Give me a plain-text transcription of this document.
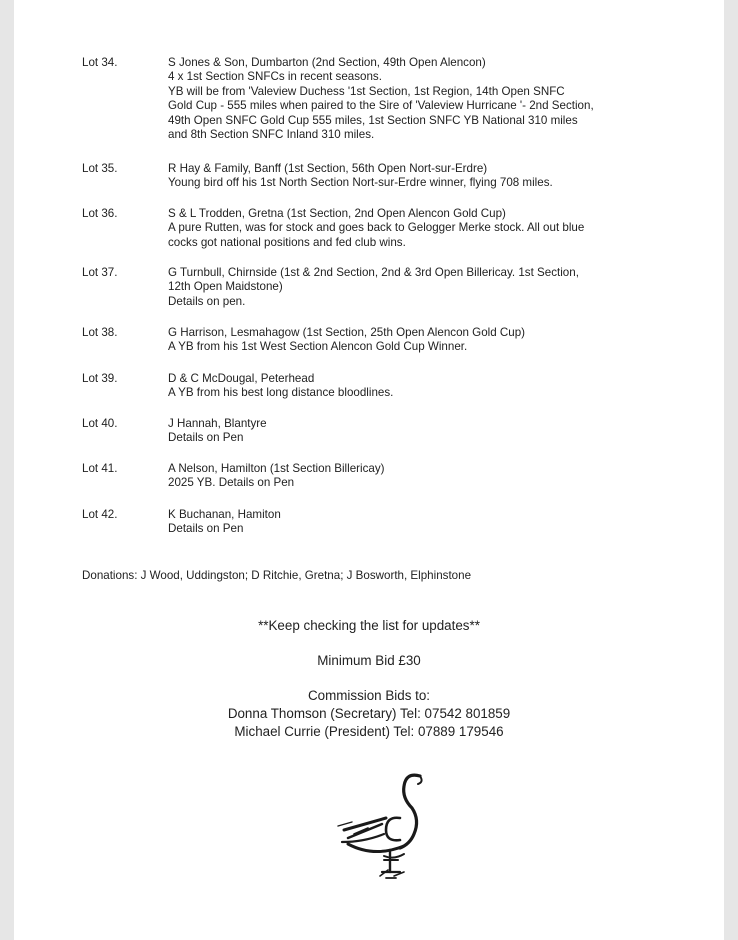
Lot 34.	S Jones & Son, Dumbarton (2nd Section, 49th Open Alencon)
4 x 1st Section SNFCs in recent seasons.
YB will be from 'Valeview Duchess '1st Section, 1st Region, 14th Open SNFC
Gold Cup - 555 miles when paired to the Sire of 'Valeview Hurricane '- 2nd Section,
49th Open SNFC Gold Cup 555 miles, 1st Section SNFC YB National 310 miles
and 8th Section SNFC Inland 310 miles.
Lot 35.	R Hay & Family, Banff (1st Section, 56th Open Nort-sur-Erdre)
Young bird off his 1st North Section Nort-sur-Erdre winner, flying 708 miles.
Lot 36.	S & L Trodden, Gretna (1st Section, 2nd Open Alencon Gold Cup)
A pure Rutten, was for stock and goes back to Gelogger Merke stock. All out blue
cocks got national positions and fed club wins.
Lot 37.	G Turnbull, Chirnside (1st & 2nd Section, 2nd & 3rd Open Billericay. 1st Section,
12th Open Maidstone)
Details on pen.
Lot 38.	G Harrison, Lesmahagow (1st Section, 25th Open Alencon Gold Cup)
A YB from his 1st West Section Alencon Gold Cup Winner.
Lot 39.	D & C McDougal, Peterhead
A YB from his best long distance bloodlines.
Lot 40.	J Hannah, Blantyre
Details on Pen
Lot 41.	A Nelson, Hamilton (1st Section Billericay)
2025 YB. Details on Pen
Lot 42.	K Buchanan, Hamiton
Details on Pen
Donations: J Wood, Uddingston; D Ritchie, Gretna; J Bosworth, Elphinstone
**Keep checking the list for updates**
Minimum Bid £30
Commission Bids to:
Donna Thomson (Secretary) Tel: 07542 801859
Michael Currie (President) Tel: 07889 179546
